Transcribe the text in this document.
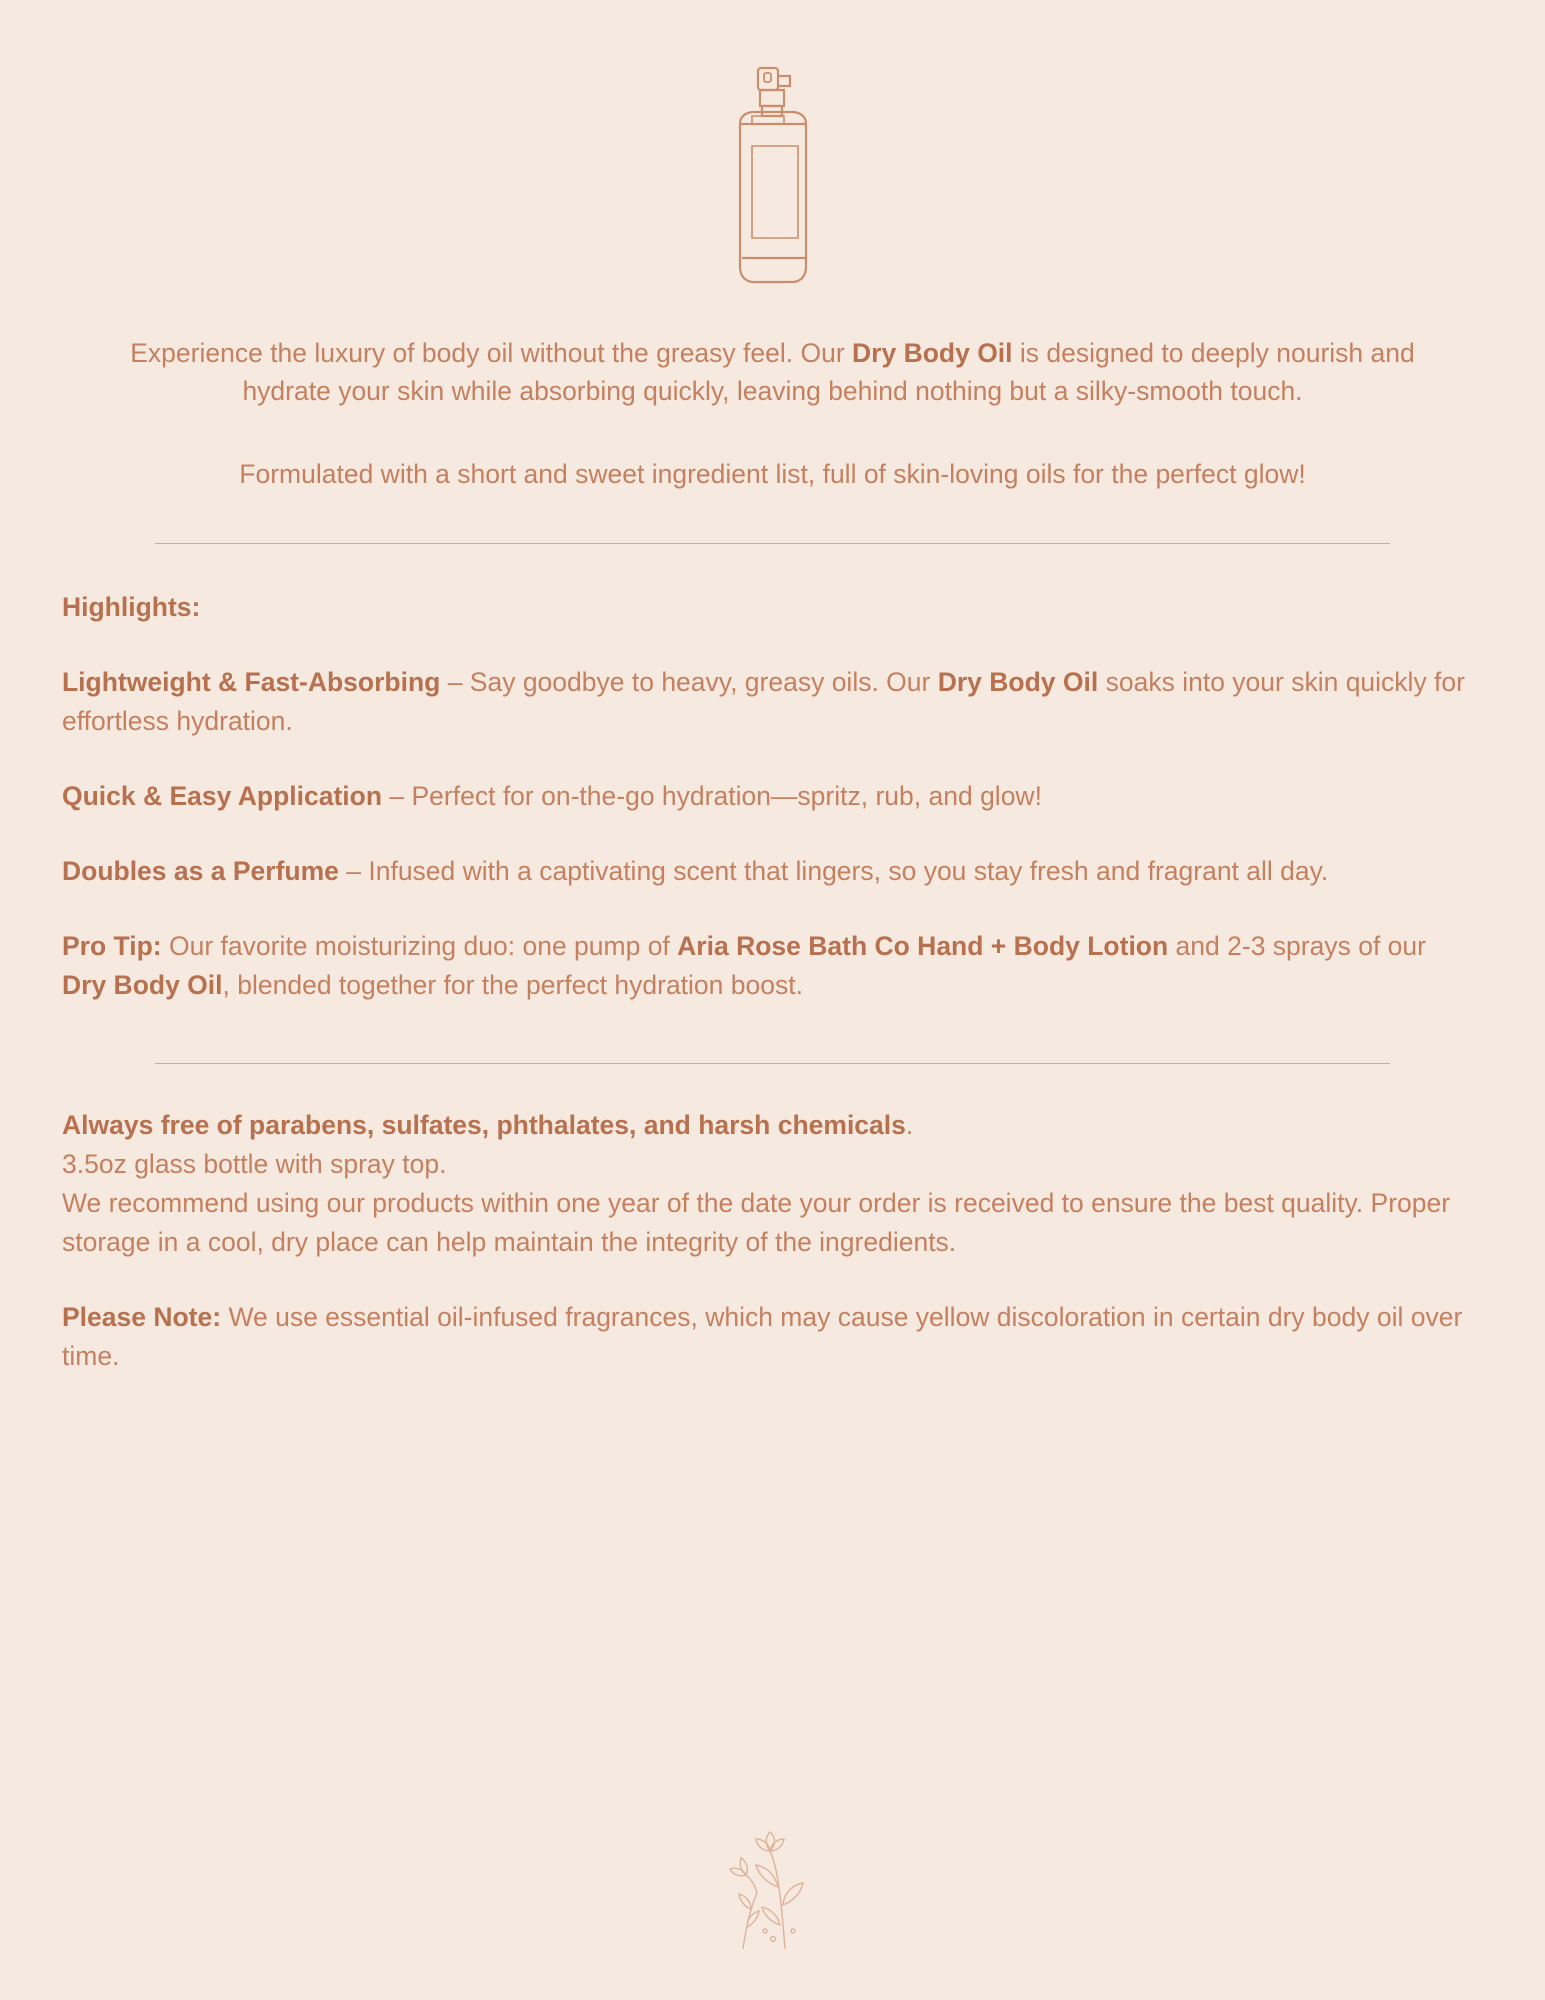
Experience the luxury of body oil without the greasy feel. Our Dry Body Oil is designed to deeply nourish and hydrate your skin while absorbing quickly, leaving behind nothing but a silky-smooth touch.

Formulated with a short and sweet ingredient list, full of skin-loving oils for the perfect glow!

Highlights:

Lightweight & Fast-Absorbing – Say goodbye to heavy, greasy oils. Our Dry Body Oil soaks into your skin quickly for effortless hydration.

Quick & Easy Application – Perfect for on-the-go hydration—spritz, rub, and glow!

Doubles as a Perfume – Infused with a captivating scent that lingers, so you stay fresh and fragrant all day.

Pro Tip: Our favorite moisturizing duo: one pump of Aria Rose Bath Co Hand + Body Lotion and 2-3 sprays of our Dry Body Oil, blended together for the perfect hydration boost.

Always free of parabens, sulfates, phthalates, and harsh chemicals.

3.5oz glass bottle with spray top.

We recommend using our products within one year of the date your order is received to ensure the best quality. Proper storage in a cool, dry place can help maintain the integrity of the ingredients.

Please Note: We use essential oil-infused fragrances, which may cause yellow discoloration in certain dry body oil over time.
